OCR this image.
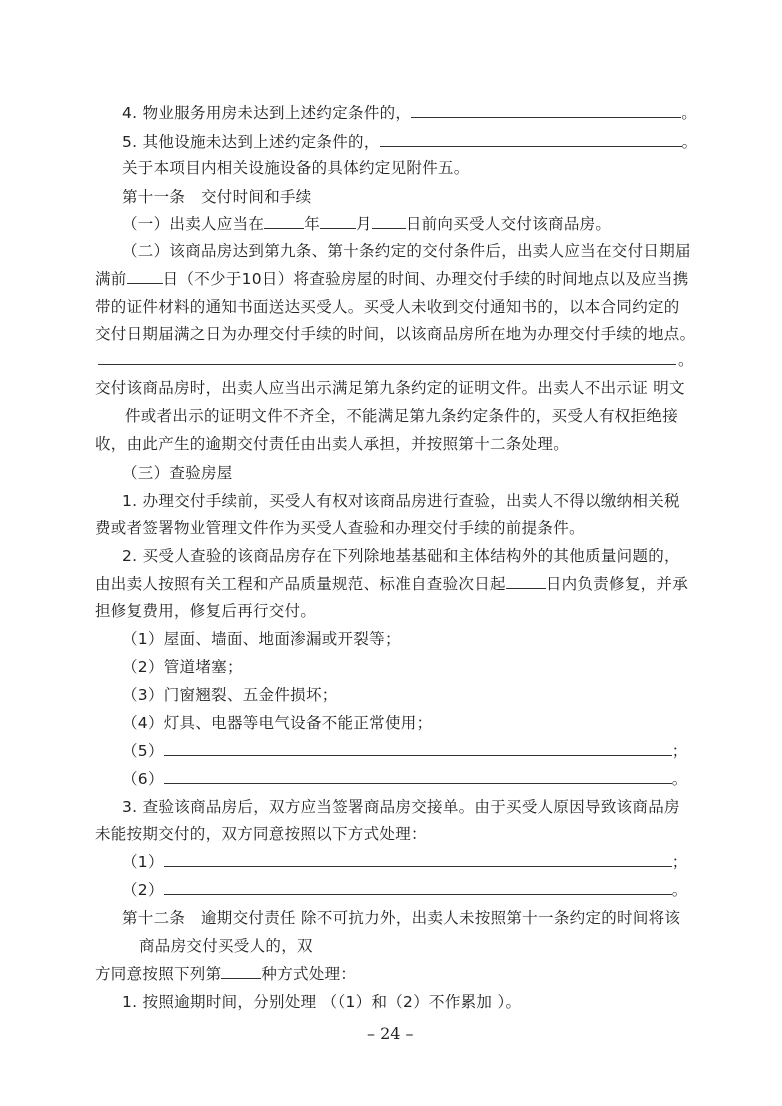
4. 物业服务用房未达到上述约定条件的，	。
5. 其他设施未达到上述约定条件的，	。
关于本项目内相关设施设备的具体约定见附件五。
第十一条　交付时间和手续
（一）出卖人应当在	年 月 日前向买受人交付该商品房。
（二）该商品房达到第九条、第十条约定的交付条件后，出卖人应当在交付日期届
满前 日（不少于10日）将查验房屋的时间、办理交付手续的时间地点以及应当携
带的证件材料的通知书面送达买受人。买受人未收到交付通知书的，以本合同约定的
交付日期届满之日为办理交付手续的时间，以该商品房所在地为办理交付手续的地点。
。
交付该商品房时，出卖人应当出示满足第九条约定的证明文件。出卖人不出示证 明文
件或者出示的证明文件不齐全，不能满足第九条约定条件的，买受人有权拒绝接
收，由此产生的逾期交付责任由出卖人承担，并按照第十二条处理。
（三）查验房屋
1. 办理交付手续前，买受人有权对该商品房进行查验，出卖人不得以缴纳相关税
费或者签署物业管理文件作为买受人查验和办理交付手续的前提条件。
2. 买受人查验的该商品房存在下列除地基基础和主体结构外的其他质量问题的，
由出卖人按照有关工程和产品质量规范、标准自查验次日起	日内负责修复，并承
担修复费用，修复后再行交付。
（1）屋面、墙面、地面渗漏或开裂等；
（2）管道堵塞；
（3）门窗翘裂、五金件损坏；
（4）灯具、电器等电气设备不能正常使用；
（5）	；
（6）	。
3. 查验该商品房后，双方应当签署商品房交接单。由于买受人原因导致该商品房
未能按期交付的，双方同意按照以下方式处理：
（1）	；
（2）	。
第十二条　逾期交付责任 除不可抗力外，出卖人未按照第十一条约定的时间将该
商品房交付买受人的，双
方同意按照下列第	种方式处理：
1. 按照逾期时间，分别处理 （（1）和（2）不作累加 ）。
– 24 –
